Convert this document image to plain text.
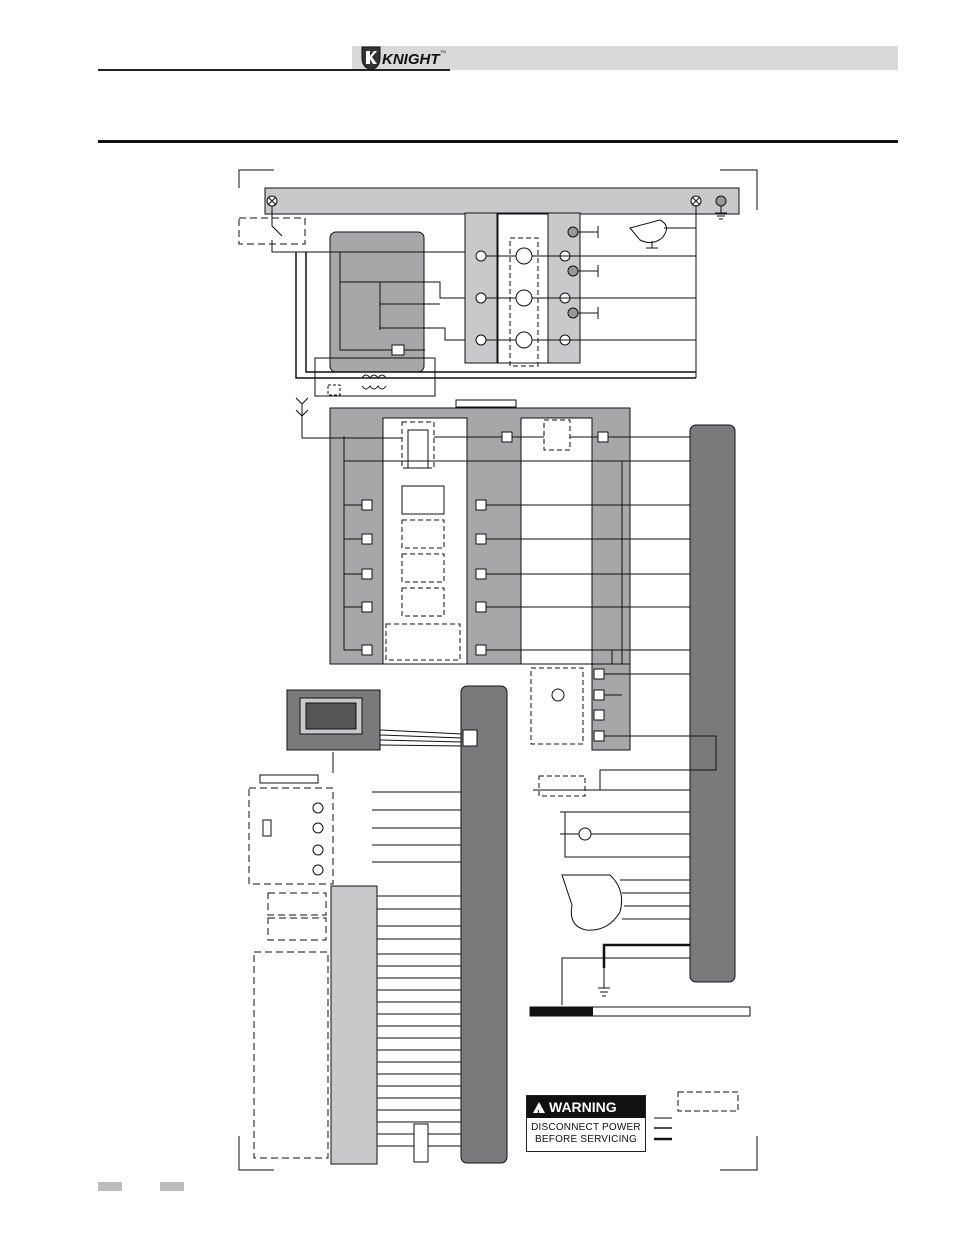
KNIGHT TM
! WARNING
DISCONNECT POWER
BEFORE SERVICING
